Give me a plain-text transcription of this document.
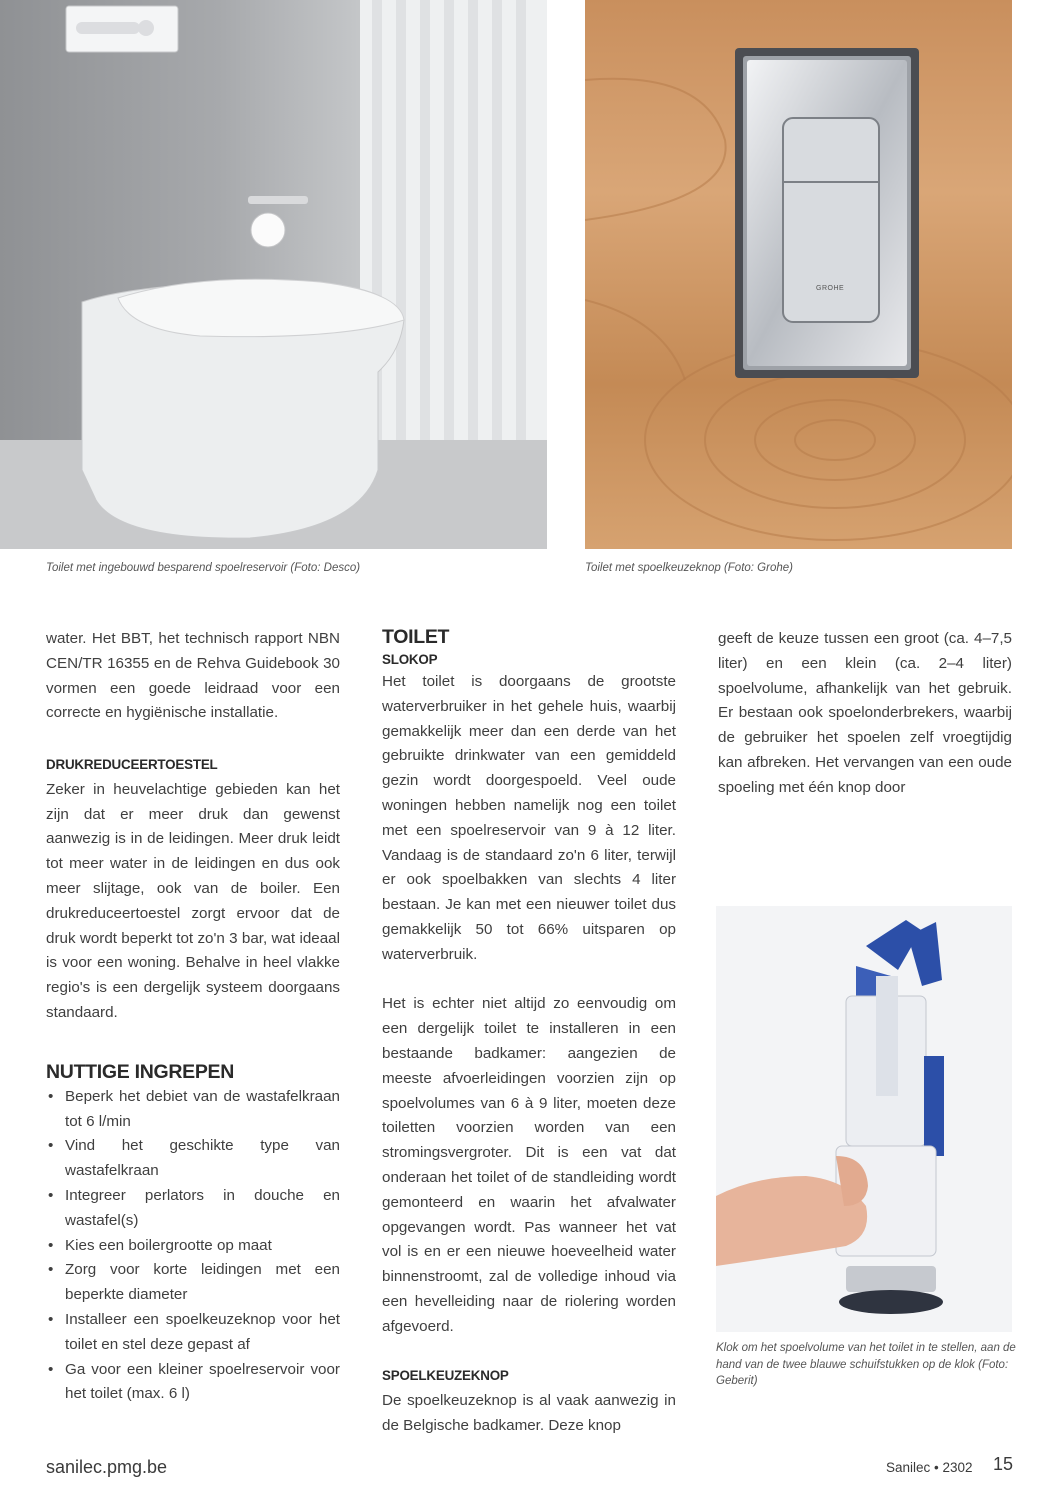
Toilet met ingebouwd besparend spoelreservoir (Foto: Desco)
GROHE
Toilet met spoelkeuzeknop (Foto: Grohe)
Klok om het spoelvolume van het toilet in te stellen, aan de hand van de twee blauwe schuifstukken op de klok (Foto: Geberit)

water. Het BBT, het technisch rapport NBN CEN/TR 16355 en de Rehva Guidebook 30 vormen een goede leidraad voor een correcte en hygiënische installatie.

DRUKREDUCEERTOESTEL

Zeker in heuvelachtige gebieden kan het zijn dat er meer druk dan gewenst aanwezig is in de leidingen. Meer druk leidt tot meer water in de leidingen en dus ook meer slijtage, ook van de boiler. Een drukreduceertoestel zorgt ervoor dat de druk wordt beperkt tot zo'n 3 bar, wat ideaal is voor een woning. Behalve in heel vlakke regio's is een dergelijk systeem doorgaans standaard.

NUTTIGE INGREPEN
• Beperk het debiet van de wastafelkraan tot 6 l/min
• Vind het geschikte type van wastafelkraan
• Integreer perlators in douche en wastafel(s)
• Kies een boilergrootte op maat
• Zorg voor korte leidingen met een beperkte diameter
• Installeer een spoelkeuzeknop voor het toilet en stel deze gepast af
• Ga voor een kleiner spoelreservoir voor het toilet (max. 6 l)
TOILET
SLOKOP

Het toilet is doorgaans de grootste waterverbruiker in het gehele huis, waarbij gemakkelijk meer dan een derde van het gebruikte drinkwater van een gemiddeld gezin wordt doorgespoeld. Veel oude woningen hebben namelijk nog een toilet met een spoelreservoir van 9 à 12 liter. Vandaag is de standaard zo'n 6 liter, terwijl er ook spoelbakken van slechts 4 liter bestaan. Je kan met een nieuwer toilet dus gemakkelijk 50 tot 66% uitsparen op waterverbruik.

Het is echter niet altijd zo eenvoudig om een dergelijk toilet te installeren in een bestaande badkamer: aangezien de meeste afvoerleidingen voorzien zijn op spoelvolumes van 6 à 9 liter, moeten deze toiletten voorzien worden van een stromingsvergroter. Dit is een vat dat onderaan het toilet of de standleiding wordt gemonteerd en waarin het afvalwater opgevangen wordt. Pas wanneer het vat vol is en er een nieuwe hoeveelheid water binnenstroomt, zal de volledige inhoud via een hevelleiding naar de riolering worden afgevoerd.

SPOELKEUZEKNOP

De spoelkeuzeknop is al vaak aanwezig in de Belgische badkamer. Deze knop

geeft de keuze tussen een groot (ca. 4–7,5 liter) en een klein (ca. 2–4 liter) spoelvolume, afhankelijk van het gebruik. Er bestaan ook spoelonderbrekers, waarbij de gebruiker het spoelen zelf vroegtijdig kan afbreken. Het vervangen van een oude spoeling met één knop door

sanilec.pmg.be	Sanilec • 2302 15
